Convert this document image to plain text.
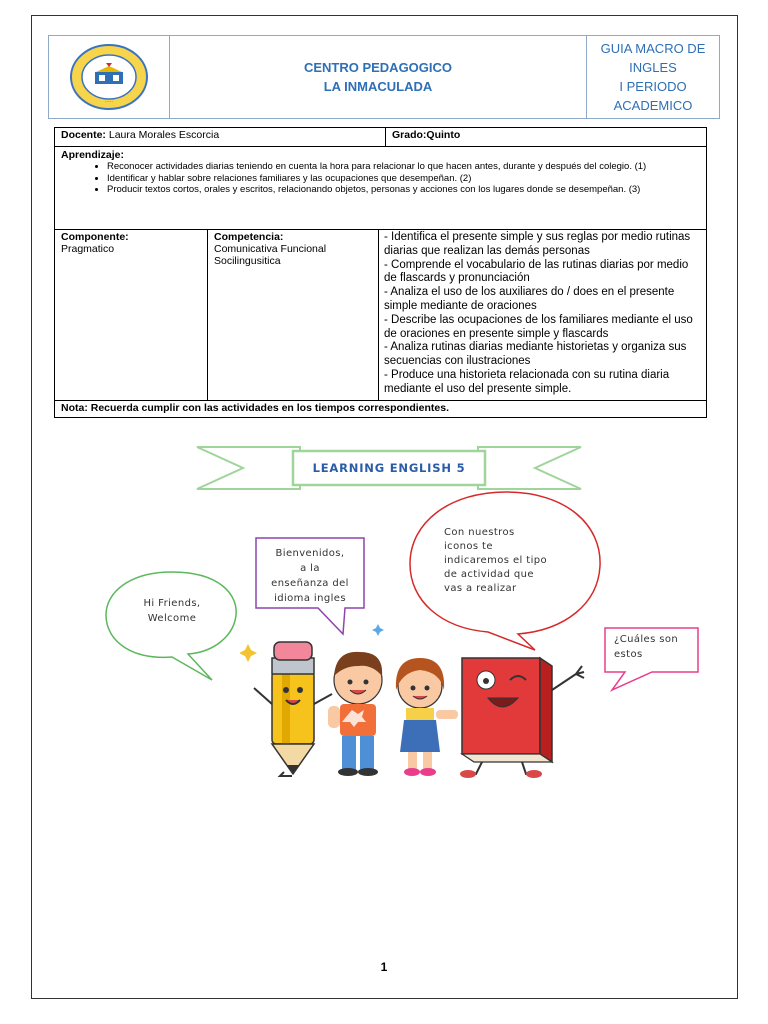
·····
CENTRO PEDAGOGICO
LA INMACULADA
GUIA MACRO DE
INGLES
I PERIODO
ACADEMICO
Docente: Laura Morales Escorcia	Grado:Quinto
Aprendizaje:
• Reconocer actividades diarias teniendo en cuenta la hora para relacionar lo que hacen antes, durante y después del colegio. (1)
• Identificar y hablar sobre relaciones familiares y las ocupaciones que desempeñan. (2)
• Producir textos cortos, orales y escritos, relacionando objetos, personas y acciones con los lugares donde se desempeñan. (3)
Componente:
Pragmatico
Competencia:
Comunicativa Funcional
Socilingusitica
- Identifica el presente simple y sus reglas por medio rutinas diarias que realizan las demás personas
- Comprende el vocabulario de las rutinas diarias por medio de flascards y pronunciación
- Analiza el uso de los auxiliares do / does en el presente simple mediante de oraciones
- Describe las ocupaciones de los familiares mediante el uso de oraciones en presente simple y flascards
- Analiza rutinas diarias mediante historietas y organiza sus secuencias con ilustraciones
- Produce una historieta relacionada con su rutina diaria mediante el uso del presente simple.
Nota: Recuerda cumplir con las actividades en los tiempos correspondientes.
LEARNING ENGLISH 5
Hi Friends,
Welcome
Bienvenidos,
a la
enseñanza del
idioma ingles
Con nuestros
iconos te
indicaremos el tipo
de actividad que
vas a realizar
¿Cuáles son
estos
1
